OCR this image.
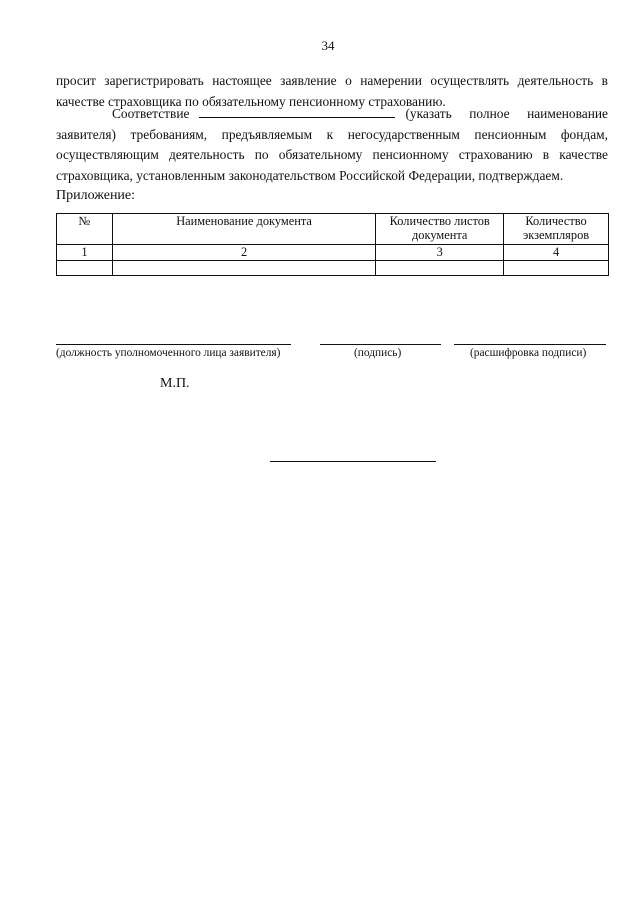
34
просит зарегистрировать настоящее заявление о намерении осуществлять деятельность в качестве страховщика по обязательному пенсионному страхованию.
Соответствие	(указать полное наименование заявителя) требованиям, предъявляемым к негосударственным пенсионным фондам, осуществляющим деятельность по обязательному пенсионному страхованию в качестве страховщика, установленным законодательством Российской Федерации, подтверждаем.
Приложение:
№	Наименование документа	Количество листов документа	Количество экземпляров
1	2	3	4

(должность уполномоченного лица заявителя)	(подпись)	(расшифровка подписи)
М.П.
